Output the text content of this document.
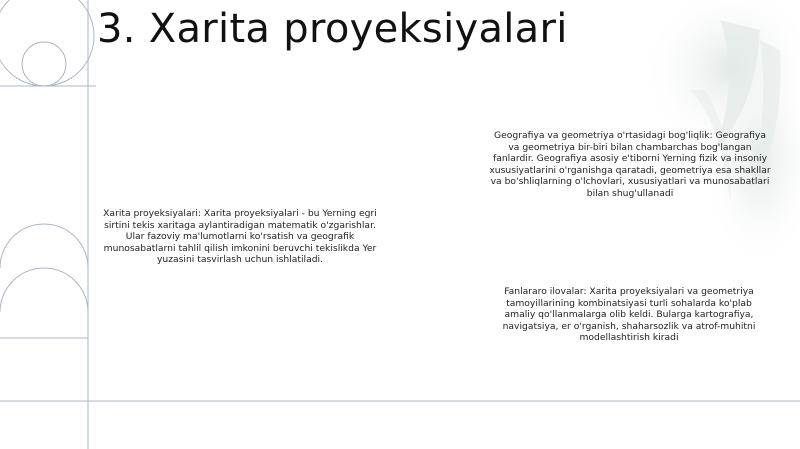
3. Xarita proyeksiyalari
Xarita proyeksiyalari: Xarita proyeksiyalari - bu Yerning egri sirtini tekis xaritaga aylantiradigan matematik o'zgarishlar. Ular fazoviy ma'lumotlarni ko'rsatish va geografik munosabatlarni tahlil qilish imkonini beruvchi tekislikda Yer yuzasini tasvirlash uchun ishlatiladi.
Geografiya va geometriya o'rtasidagi bog'liqlik: Geografiya va geometriya bir-biri bilan chambarchas bog'langan fanlardir. Geografiya asosiy e'tiborni Yerning fizik va insoniy xususiyatlarini o'rganishga qaratadi, geometriya esa shakllar va bo'shliqlarning o'lchovlari, xususiyatlari va munosabatlari bilan shug'ullanadi
Fanlararo ilovalar: Xarita proyeksiyalari va geometriya tamoyillarining kombinatsiyasi turli sohalarda ko'plab amaliy qo'llanmalarga olib keldi. Bularga kartografiya, navigatsiya, er o'rganish, shaharsozlik va atrof-muhitni modellashtirish kiradi
